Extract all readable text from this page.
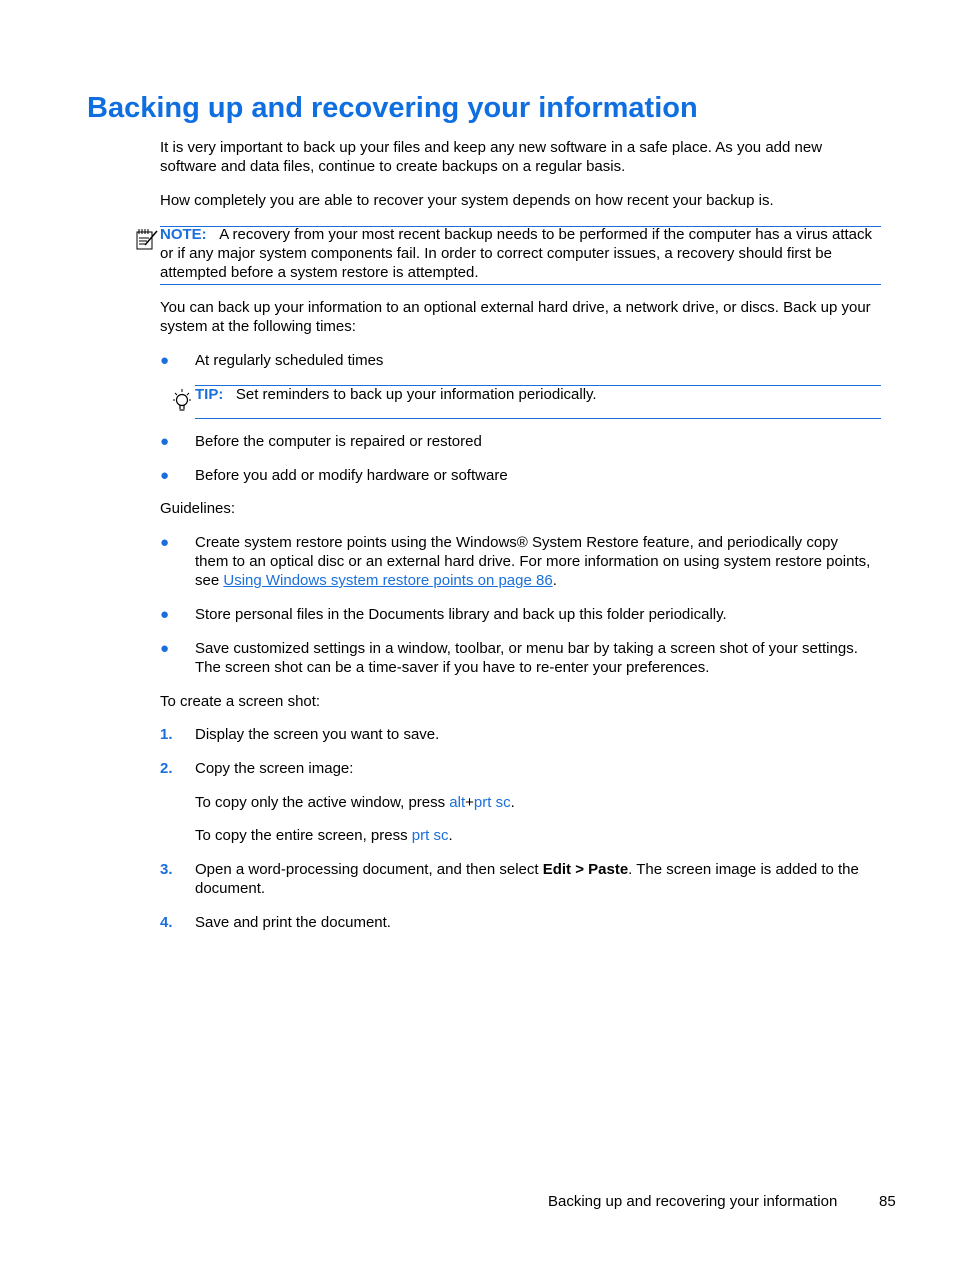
Backing up and recovering your information

It is very important to back up your files and keep any new software in a safe place. As you add new software and data files, continue to create backups on a regular basis.

How completely you are able to recover your system depends on how recent your backup is.

NOTE: A recovery from your most recent backup needs to be performed if the computer has a virus attack or if any major system components fail. In order to correct computer issues, a recovery should first be attempted before a system restore is attempted.

You can back up your information to an optional external hard drive, a network drive, or discs. Back up your system at the following times:

● At regularly scheduled times

TIP: Set reminders to back up your information periodically.

● Before the computer is repaired or restored

● Before you add or modify hardware or software

Guidelines:

● Create system restore points using the Windows® System Restore feature, and periodically copy them to an optical disc or an external hard drive. For more information on using system restore points, see Using Windows system restore points on page 86.

● Store personal files in the Documents library and back up this folder periodically.

● Save customized settings in a window, toolbar, or menu bar by taking a screen shot of your settings. The screen shot can be a time-saver if you have to re-enter your preferences.

To create a screen shot:

1. Display the screen you want to save.

2. Copy the screen image:

To copy only the active window, press alt+prt sc.

To copy the entire screen, press prt sc.

3. Open a word-processing document, and then select Edit > Paste. The screen image is added to the document.

4. Save and print the document.

Backing up and recovering your information	85
